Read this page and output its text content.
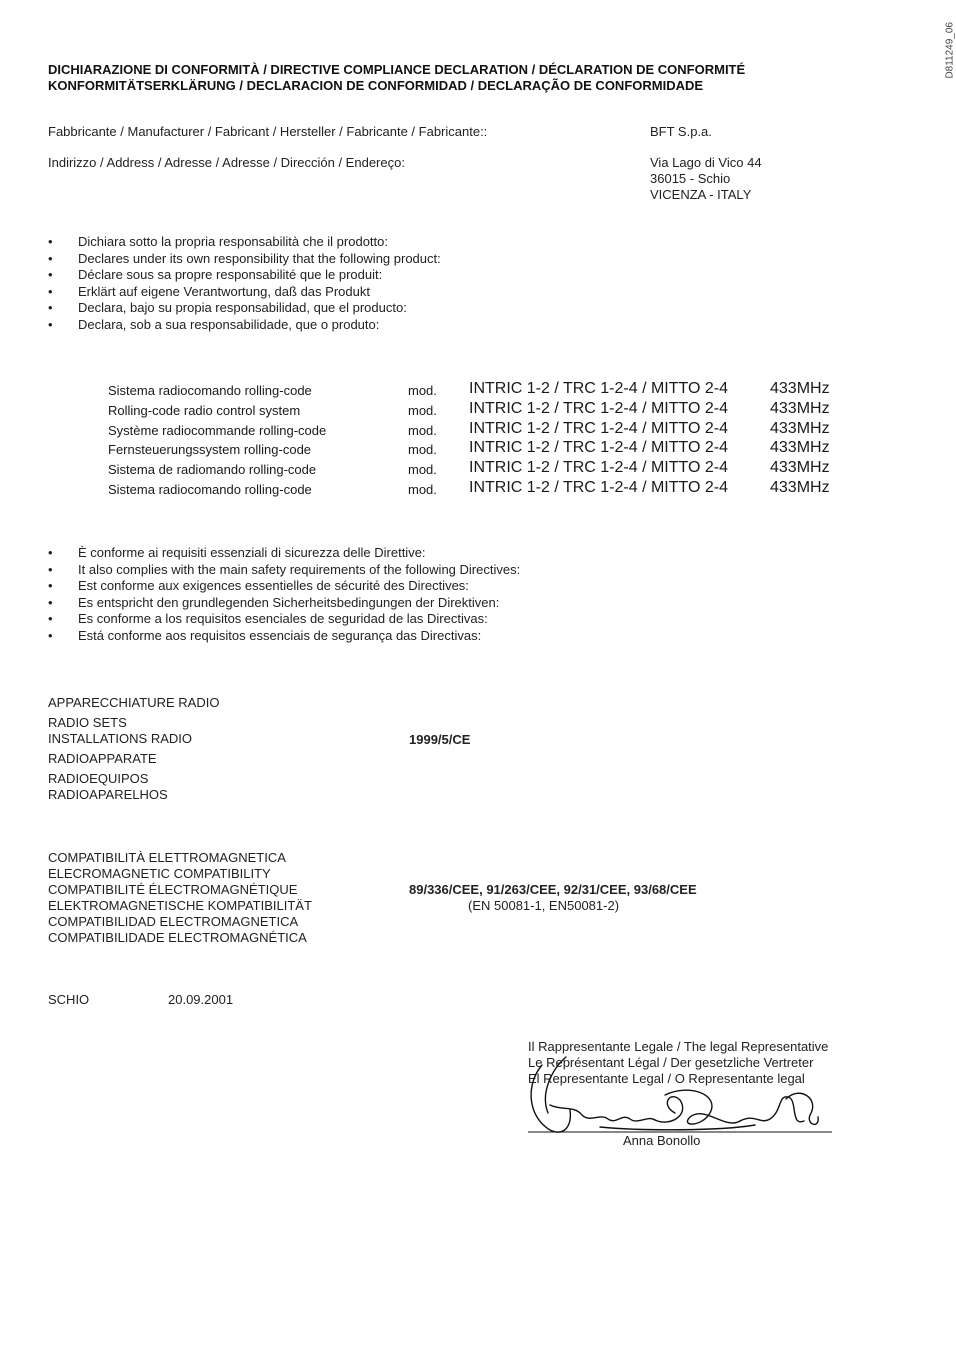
D811249_06
DICHIARAZIONE DI CONFORMITÀ / DIRECTIVE COMPLIANCE DECLARATION / DÉCLARATION DE CONFORMITÉ
KONFORMITÄTSERKLÄRUNG / DECLARACION DE CONFORMIDAD / DECLARAÇÃO DE CONFORMIDADE
Fabbricante / Manufacturer / Fabricant / Hersteller / Fabricante / Fabricante::	BFT S.p.a.
Indirizzo / Address / Adresse / Adresse / Dirección / Endereço:	Via Lago di Vico 44
36015 - Schio
VICENZA - ITALY
• Dichiara sotto la propria responsabilità che il prodotto:
• Declares under its own responsibility that the following product:
• Déclare sous sa propre responsabilité que le produit:
• Erklärt auf eigene Verantwortung, daß das Produkt
• Declara, bajo su propia responsabilidad, que el producto:
• Declara, sob a sua responsabilidade, que o produto:
Sistema radiocomando rolling-code	mod. INTRIC 1-2 / TRC 1-2-4 / MITTO 2-4	433MHz
Rolling-code radio control system	mod. INTRIC 1-2 / TRC 1-2-4 / MITTO 2-4	433MHz
Système radiocommande rolling-code	mod. INTRIC 1-2 / TRC 1-2-4 / MITTO 2-4	433MHz
Fernsteuerungssystem rolling-code	mod. INTRIC 1-2 / TRC 1-2-4 / MITTO 2-4	433MHz
Sistema de radiomando rolling-code	mod. INTRIC 1-2 / TRC 1-2-4 / MITTO 2-4	433MHz
Sistema radiocomando rolling-code	mod. INTRIC 1-2 / TRC 1-2-4 / MITTO 2-4	433MHz
• È conforme ai requisiti essenziali di sicurezza delle Direttive:
• It also complies with the main safety requirements of the following Directives:
• Est conforme aux exigences essentielles de sécurité des Directives:
• Es entspricht den grundlegenden Sicherheitsbedingungen der Direktiven:
• Es conforme a los requisitos esenciales de seguridad de las Directivas:
• Está conforme aos requisitos essenciais de segurança das Directivas:
APPARECCHIATURE RADIO
RADIO SETS
INSTALLATIONS RADIO
RADIOAPPARATE
RADIOEQUIPOS
RADIOAPARELHOS
1999/5/CE
COMPATIBILITÀ ELETTROMAGNETICA
ELECROMAGNETIC COMPATIBILITY
COMPATIBILITÉ ÉLECTROMAGNÉTIQUE
ELEKTROMAGNETISCHE KOMPATIBILITÄT
COMPATIBILIDAD ELECTROMAGNETICA
COMPATIBILIDADE ELECTROMAGNÉTICA
89/336/CEE, 91/263/CEE, 92/31/CEE, 93/68/CEE
(EN 50081-1, EN50081-2)
SCHIO	20.09.2001
Il Rappresentante Legale / The legal Representative
Le Représentant Légal / Der gesetzliche Vertreter
El Representante Legal / O Representante legal
Anna Bonollo
